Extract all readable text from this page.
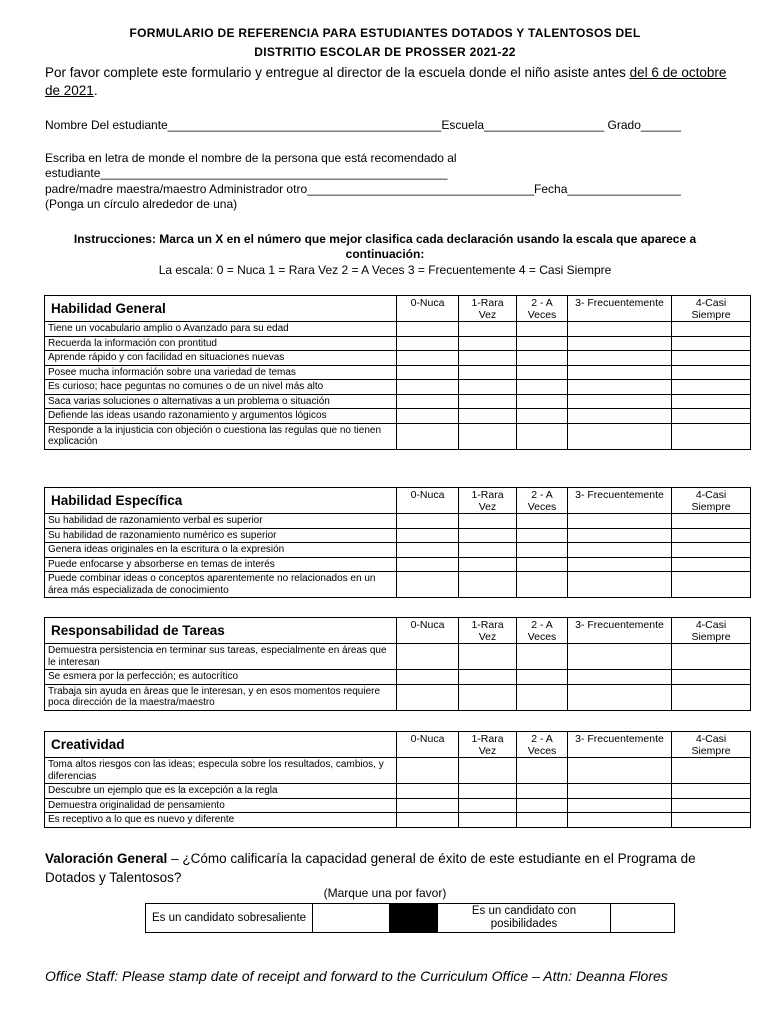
FORMULARIO DE REFERENCIA PARA ESTUDIANTES DOTADOS Y TALENTOSOS DEL
DISTRITIO ESCOLAR DE PROSSER 2021-22
Por favor complete este formulario y entregue al director de la escuela donde el niño asiste antes del 6 de octobre de 2021.
Nombre Del estudiante_________________________________________Escuela__________________ Grado______
Escriba en letra de monde el nombre de la persona que está recomendado al
estudiante____________________________________________________
padre/madre maestra/maestro Administrador otro__________________________________Fecha_________________
(Ponga un círculo alrededor de una)
Instrucciones: Marca un X en el número que mejor clasifica cada declaración usando la escala que aparece a
continuación:
La escala: 0 = Nuca 1 = Rara Vez 2 = A Veces 3 = Frecuentemente 4 = Casi Siempre
Habilidad General	0-Nuca	1-Rara Vez	2 - A Veces	3- Frecuentemente	4-Casi Siempre
Tiene un vocabulario amplio o Avanzado para su edad					
Recuerda la información con prontitud					
Aprende rápido y con facilidad en situaciones nuevas					
Posee mucha información sobre una variedad de temas					
Es curioso; hace peguntas no comunes o de un nivel más alto					
Saca varias soluciones o alternativas a un problema o situación					
Defiende las ideas usando razonamiento y argumentos lógicos					
Responde a la injusticia con objeción o cuestiona las regulas que no tienen explicación					
Habilidad Específica	0-Nuca	1-Rara Vez	2 - A Veces	3- Frecuentemente	4-Casi Siempre
Su habilidad de razonamiento verbal es superior					
Su habilidad de razonamiento numérico es superior					
Genera ideas originales en la escritura o la expresión					
Puede enfocarse y absorberse en temas de interés					
Puede combinar ideas o conceptos aparentemente no relacionados en un área más especializada de conocimiento					
Responsabilidad de Tareas	0-Nuca	1-Rara Vez	2 - A Veces	3- Frecuentemente	4-Casi Siempre
Demuestra persistencia en terminar sus tareas, especialmente en áreas que le interesan					
Se esmera por la perfección; es autocrítico					
Trabaja sin ayuda en áreas que le interesan, y en esos momentos requiere poca dirección de la maestra/maestro					
Creatividad	0-Nuca	1-Rara Vez	2 - A Veces	3- Frecuentemente	4-Casi Siempre
Toma altos riesgos con las ideas; especula sobre los resultados, cambios, y diferencias					
Descubre un ejemplo que es la excepción a la regla					
Demuestra originalidad de pensamiento					
Es receptivo a lo que es nuevo y diferente					
Valoración General – ¿Cómo calificaría la capacidad general de éxito de este estudiante en el Programa de Dotados y Talentosos?
(Marque una por favor)
Es un candidato sobresaliente			Es un candidato con posibilidades	
Office Staff: Please stamp date of receipt and forward to the Curriculum Office – Attn: Deanna Flores
